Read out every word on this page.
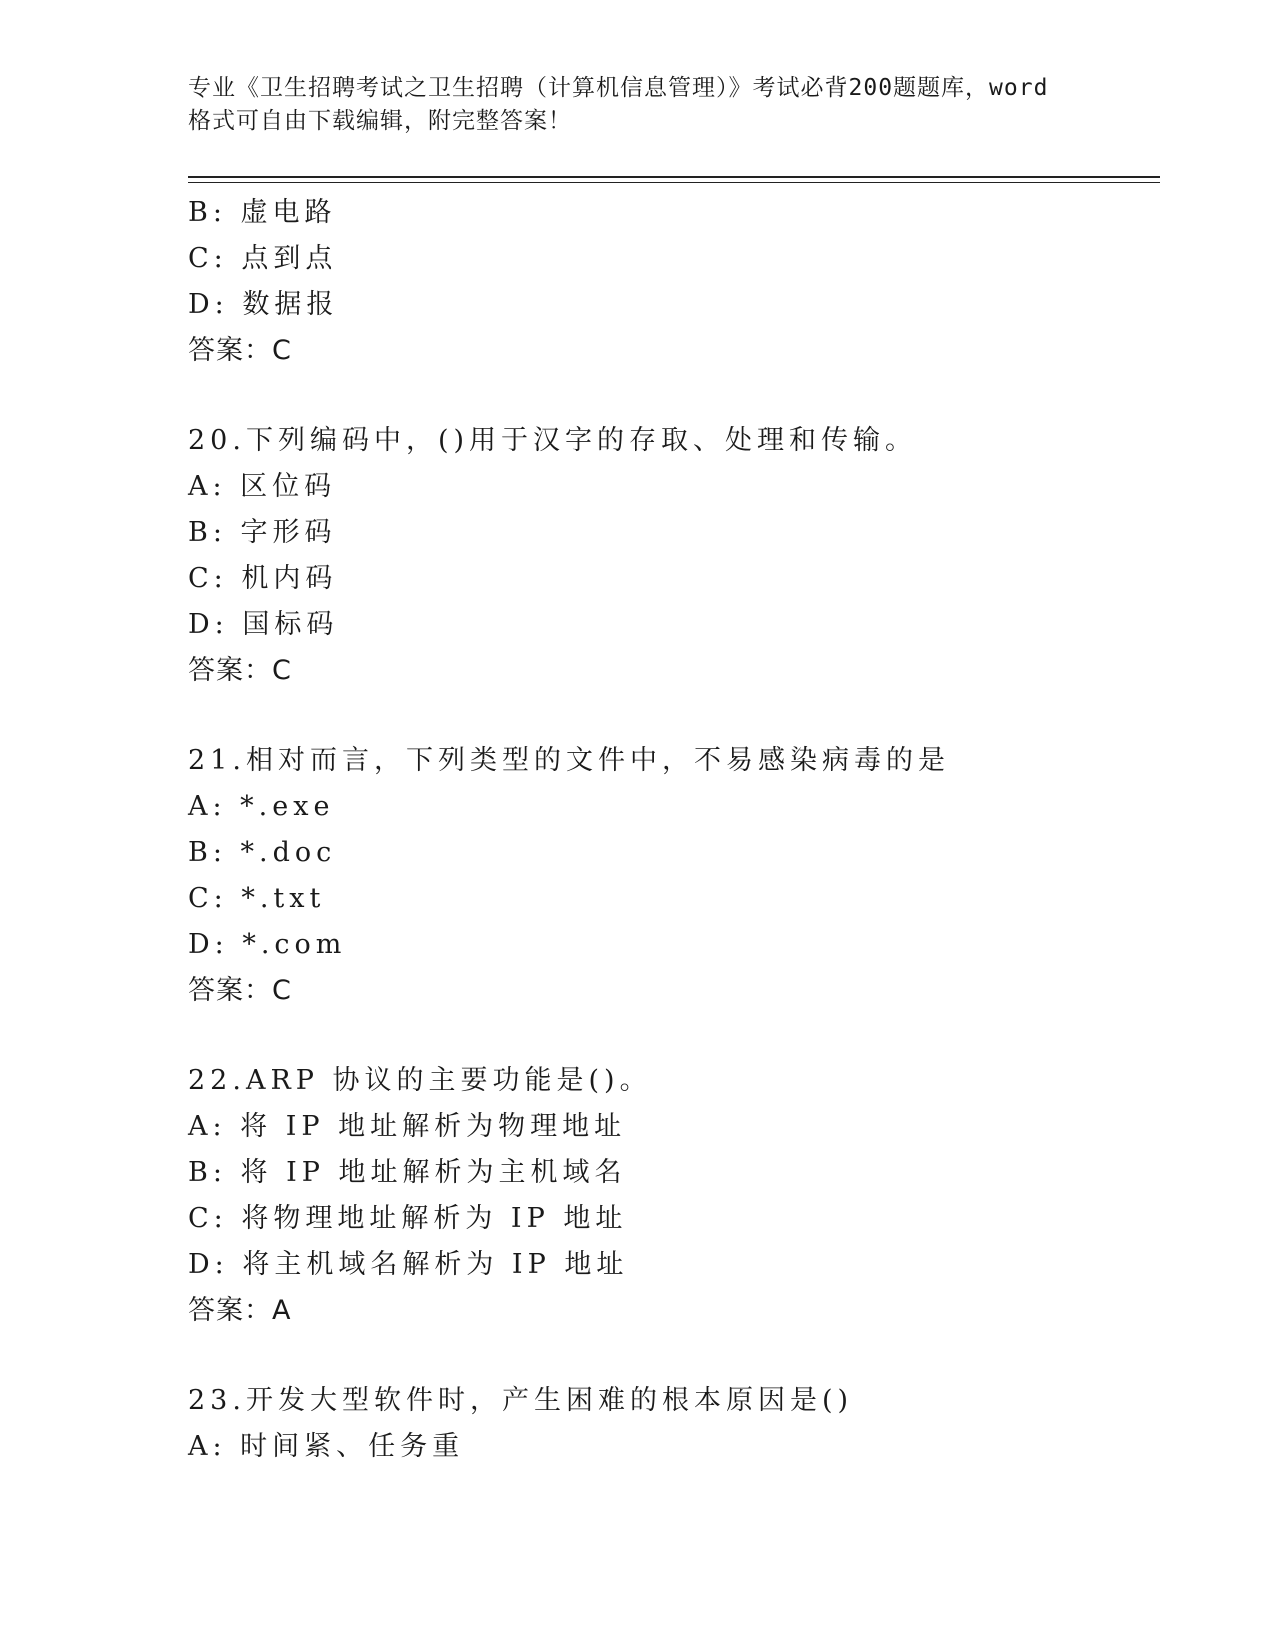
专业《卫生招聘考试之卫生招聘（计算机信息管理）》考试必背200题题库，word
格式可自由下载编辑，附完整答案！
B: 虚电路
C: 点到点
D: 数据报
答案：C
20.下列编码中，()用于汉字的存取、处理和传输。
A: 区位码
B: 字形码
C: 机内码
D: 国标码
答案：C
21.相对而言，下列类型的文件中，不易感染病毒的是
A: *.exe
B: *.doc
C: *.txt
D: *.com
答案：C
22.ARP 协议的主要功能是()。
A: 将 IP 地址解析为物理地址
B: 将 IP 地址解析为主机域名
C: 将物理地址解析为 IP 地址
D: 将主机域名解析为 IP 地址
答案：A
23.开发大型软件时，产生困难的根本原因是()
A: 时间紧、任务重
